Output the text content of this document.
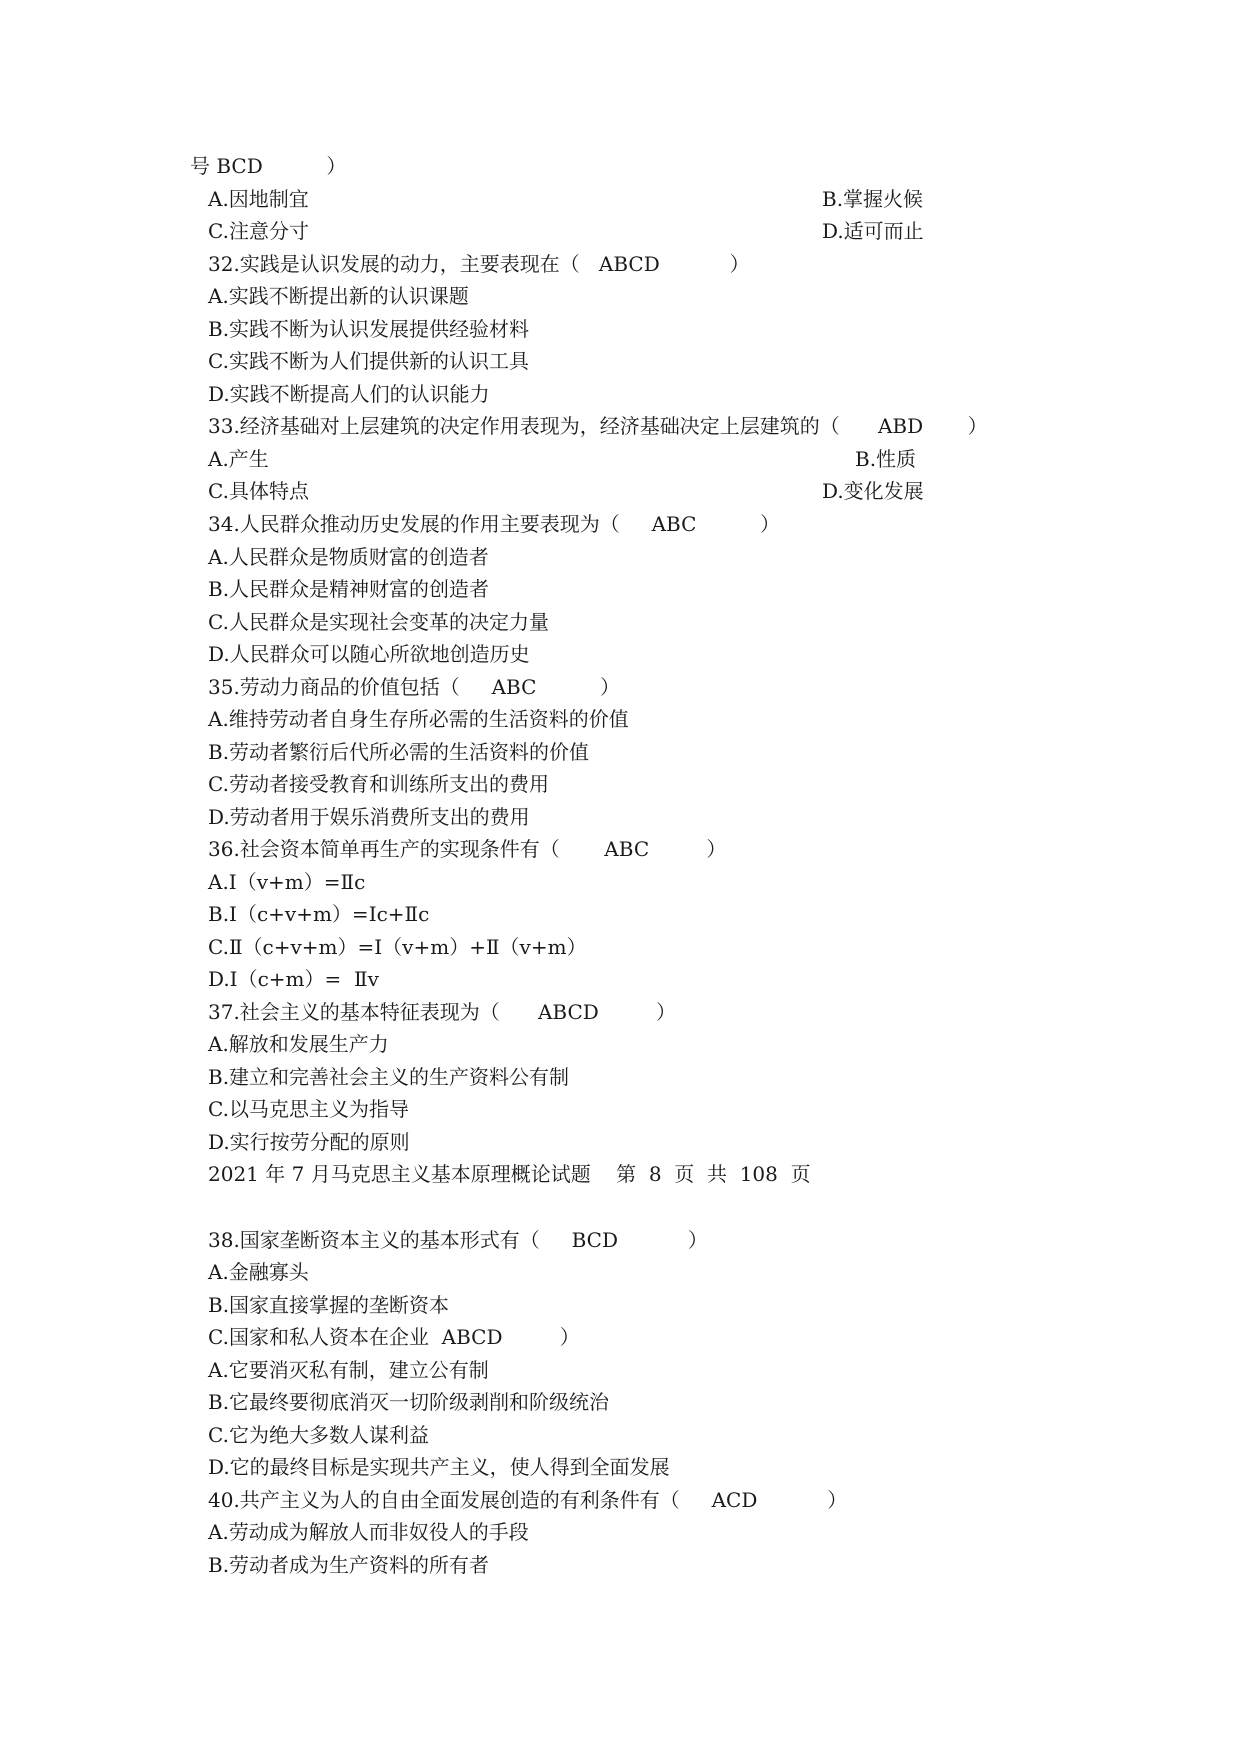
号 BCD          ）
A.因地制宜	B.掌握火候
C.注意分寸	D.适可而止
32.实践是认识发展的动力，主要表现在（   ABCD           ）
A.实践不断提出新的认识课题
B.实践不断为认识发展提供经验材料
C.实践不断为人们提供新的认识工具
D.实践不断提高人们的认识能力
33.经济基础对上层建筑的决定作用表现为，经济基础决定上层建筑的（      ABD       ）
A.产生	B.性质
C.具体特点	D.变化发展
34.人民群众推动历史发展的作用主要表现为（     ABC          ）
A.人民群众是物质财富的创造者
B.人民群众是精神财富的创造者
C.人民群众是实现社会变革的决定力量
D.人民群众可以随心所欲地创造历史
35.劳动力商品的价值包括（     ABC          ）
A.维持劳动者自身生存所必需的生活资料的价值
B.劳动者繁衍后代所必需的生活资料的价值
C.劳动者接受教育和训练所支出的费用
D.劳动者用于娱乐消费所支出的费用
36.社会资本简单再生产的实现条件有（       ABC         ）
A.I（v+m）=Ⅱc
B.I（c+v+m）=Ic+Ⅱc
C.Ⅱ（c+v+m）=I（v+m）+Ⅱ（v+m）
D.I（c+m）=  Ⅱv
37.社会主义的基本特征表现为（      ABCD         ）
A.解放和发展生产力
B.建立和完善社会主义的生产资料公有制
C.以马克思主义为指导
D.实行按劳分配的原则
2021 年 7 月马克思主义基本原理概论试题    第  8  页  共  108  页
38.国家垄断资本主义的基本形式有（     BCD           ）
A.金融寡头
B.国家直接掌握的垄断资本
C.国家和私人资本在企业  ABCD         ）
A.它要消灭私有制，建立公有制
B.它最终要彻底消灭一切阶级剥削和阶级统治
C.它为绝大多数人谋利益
D.它的最终目标是实现共产主义，使人得到全面发展
40.共产主义为人的自由全面发展创造的有利条件有（     ACD           ）
A.劳动成为解放人而非奴役人的手段
B.劳动者成为生产资料的所有者
